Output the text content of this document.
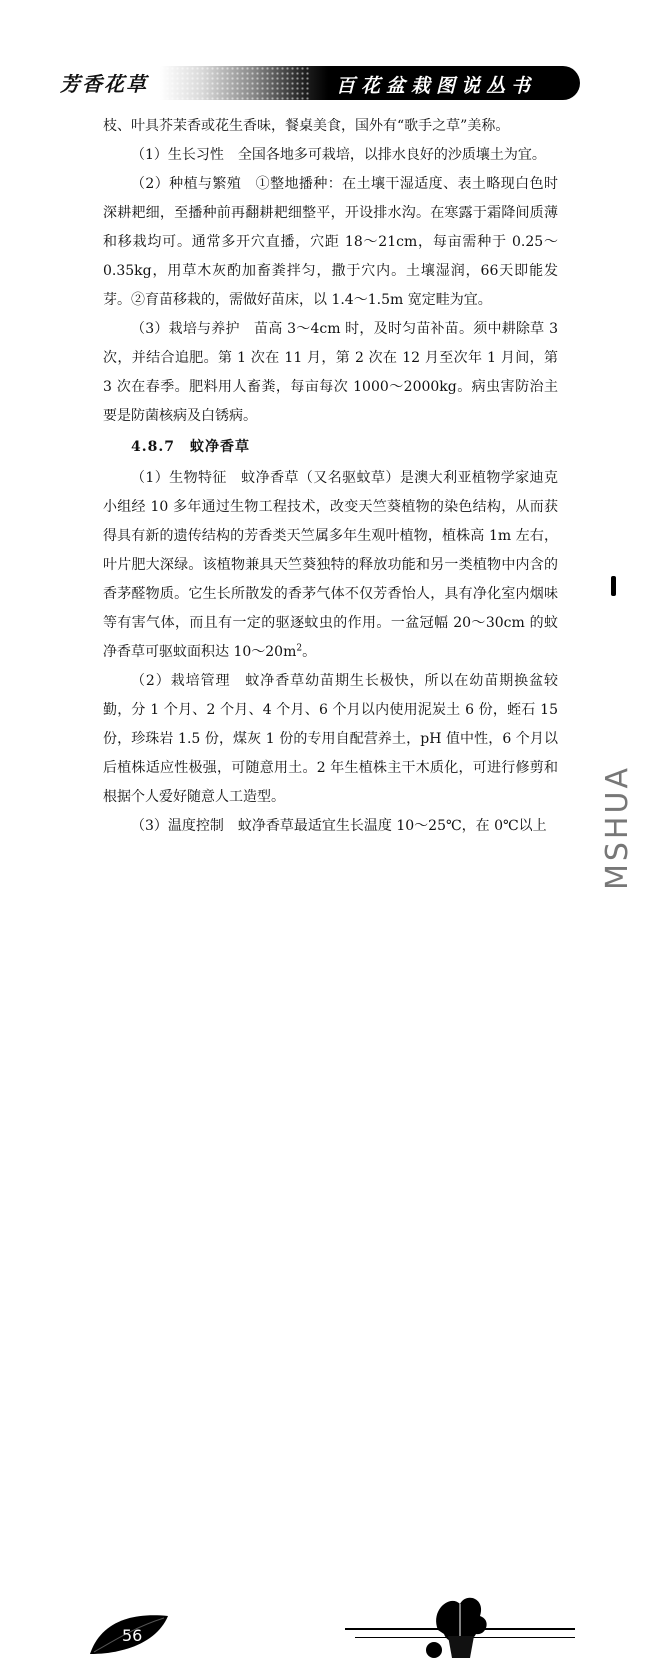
芳香花草	百花盆栽图说丛书

枝、叶具芥茉香或花生香味，餐桌美食，国外有“歌手之草”美称。

（1）生长习性　全国各地多可栽培，以排水良好的沙质壤土为宜。

（2）种植与繁殖　①整地播种：在土壤干湿适度、表土略现白色时深耕耙细，至播种前再翻耕耙细整平，开设排水沟。在寒露于霜降间质薄和移栽均可。通常多开穴直播，穴距 18～21cm，每亩需种于 0.25～0.35kg，用草木灰酌加畜粪拌匀，撒于穴内。土壤湿润，66天即能发芽。②育苗移栽的，需做好苗床，以 1.4～1.5m 宽定畦为宜。

（3）栽培与养护　苗高 3～4cm 时，及时匀苗补苗。须中耕除草 3 次，并结合追肥。第 1 次在 11 月，第 2 次在 12 月至次年 1 月间，第 3 次在春季。肥料用人畜粪，每亩每次 1000～2000kg。病虫害防治主要是防菌核病及白锈病。

4.8.7　蚊净香草

（1）生物特征　蚊净香草（又名驱蚊草）是澳大利亚植物学家迪克小组经 10 多年通过生物工程技术，改变天竺葵植物的染色结构，从而获得具有新的遗传结构的芳香类天竺属多年生观叶植物，植株高 1m 左右，叶片肥大深绿。该植物兼具天竺葵独特的释放功能和另一类植物中内含的香茅醛物质。它生长所散发的香茅气体不仅芳香怡人，具有净化室内烟味等有害气体，而且有一定的驱逐蚊虫的作用。一盆冠幅 20～30cm 的蚊净香草可驱蚊面积达 $10\sim 20m^2$。

（2）栽培管理　蚊净香草幼苗期生长极快，所以在幼苗期换盆较勤，分 1 个月、2 个月、4 个月、6 个月以内使用泥炭土 6 份，蛭石 15 份，珍珠岩 1.5 份，煤灰 1 份的专用自配营养土，pH 值中性，6 个月以后植株适应性极强，可随意用土。2 年生植株主干木质化，可进行修剪和根据个人爱好随意人工造型。

（3）温度控制　蚊净香草最适宜生长温度 10～25℃，在 0℃以上

56
MSHUA
